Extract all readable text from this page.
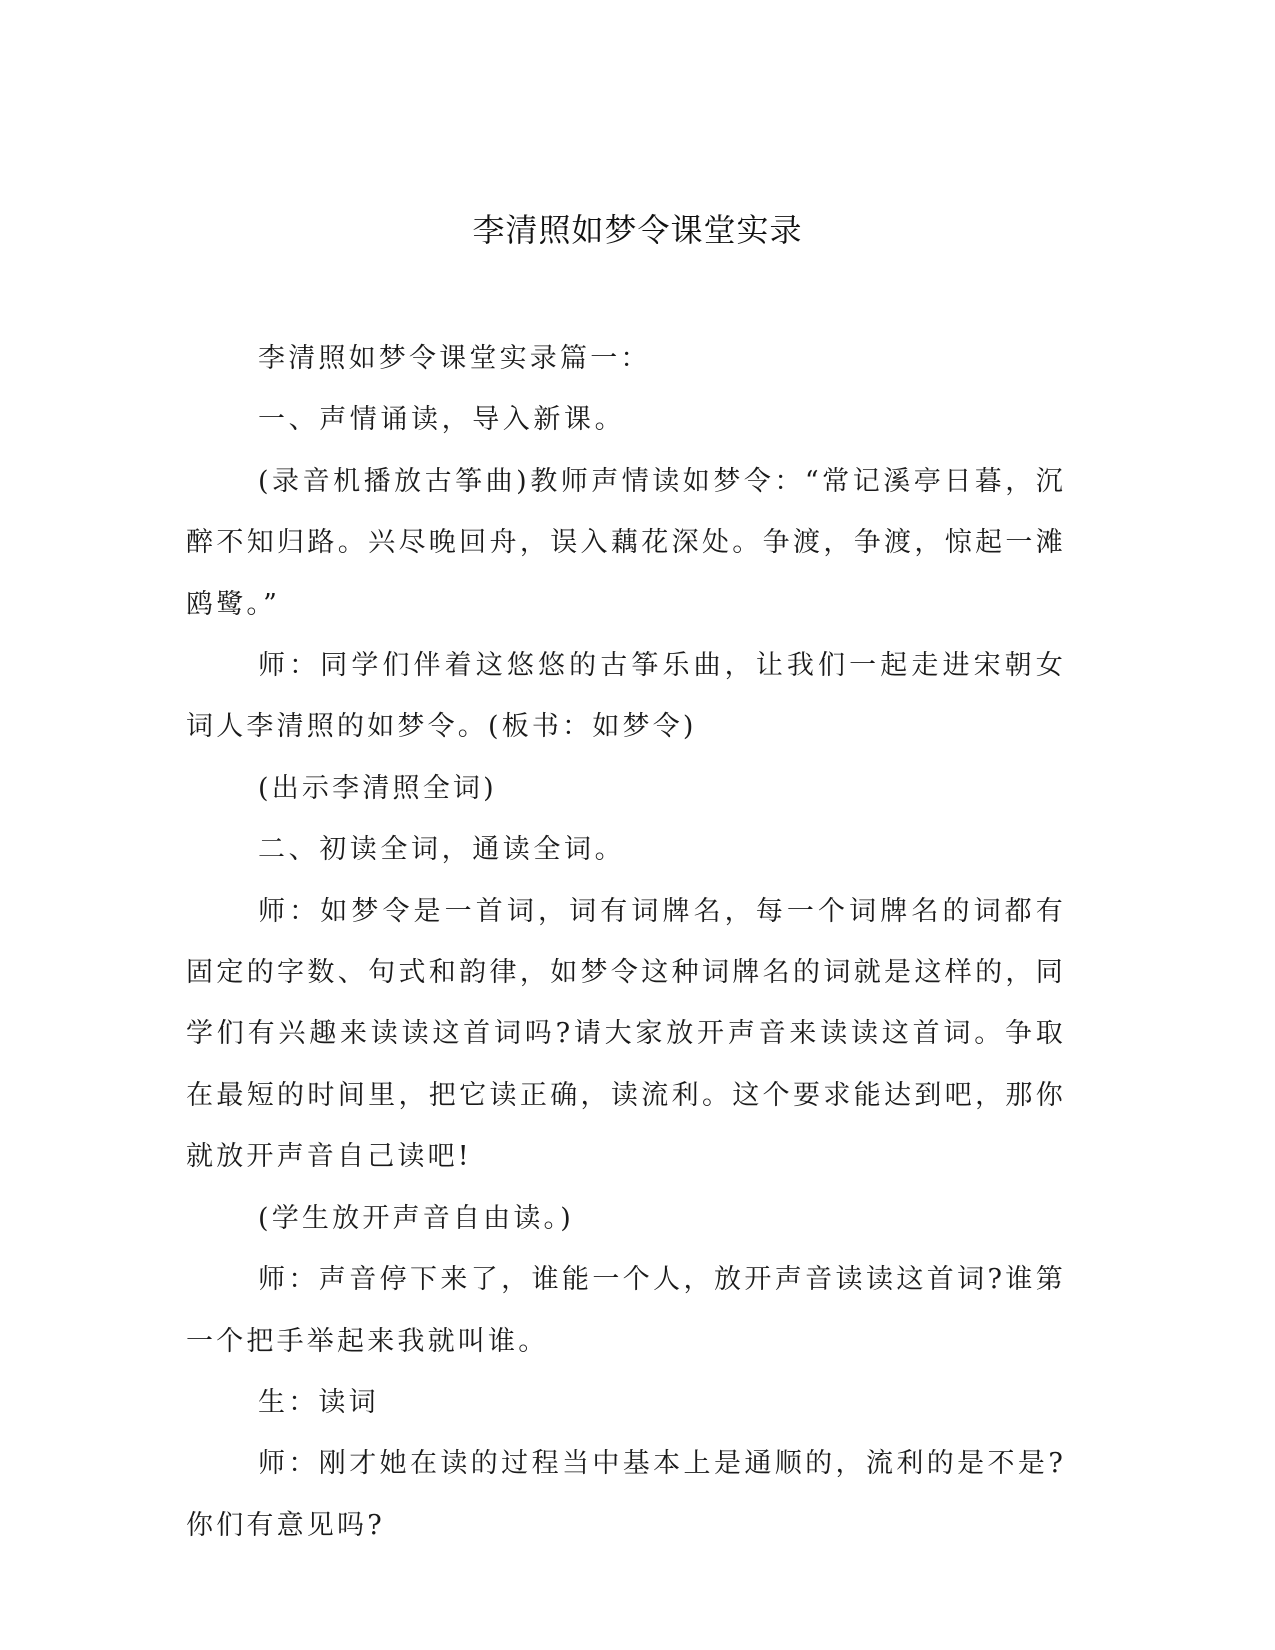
李清照如梦令课堂实录

李清照如梦令课堂实录篇一：

一、声情诵读，导入新课。

(录音机播放古筝曲)教师声情读如梦令：“常记溪亭日暮，沉醉不知归路。兴尽晚回舟，误入藕花深处。争渡，争渡，惊起一滩鸥鹭。”

师：同学们伴着这悠悠的古筝乐曲，让我们一起走进宋朝女词人李清照的如梦令。(板书：如梦令)

(出示李清照全词)

二、初读全词，通读全词。

师：如梦令是一首词，词有词牌名，每一个词牌名的词都有固定的字数、句式和韵律，如梦令这种词牌名的词就是这样的，同学们有兴趣来读读这首词吗?请大家放开声音来读读这首词。争取在最短的时间里，把它读正确，读流利。这个要求能达到吧，那你就放开声音自己读吧!

(学生放开声音自由读。)

师：声音停下来了，谁能一个人，放开声音读读这首词?谁第一个把手举起来我就叫谁。

生：读词

师：刚才她在读的过程当中基本上是通顺的，流利的是不是?你们有意见吗?
